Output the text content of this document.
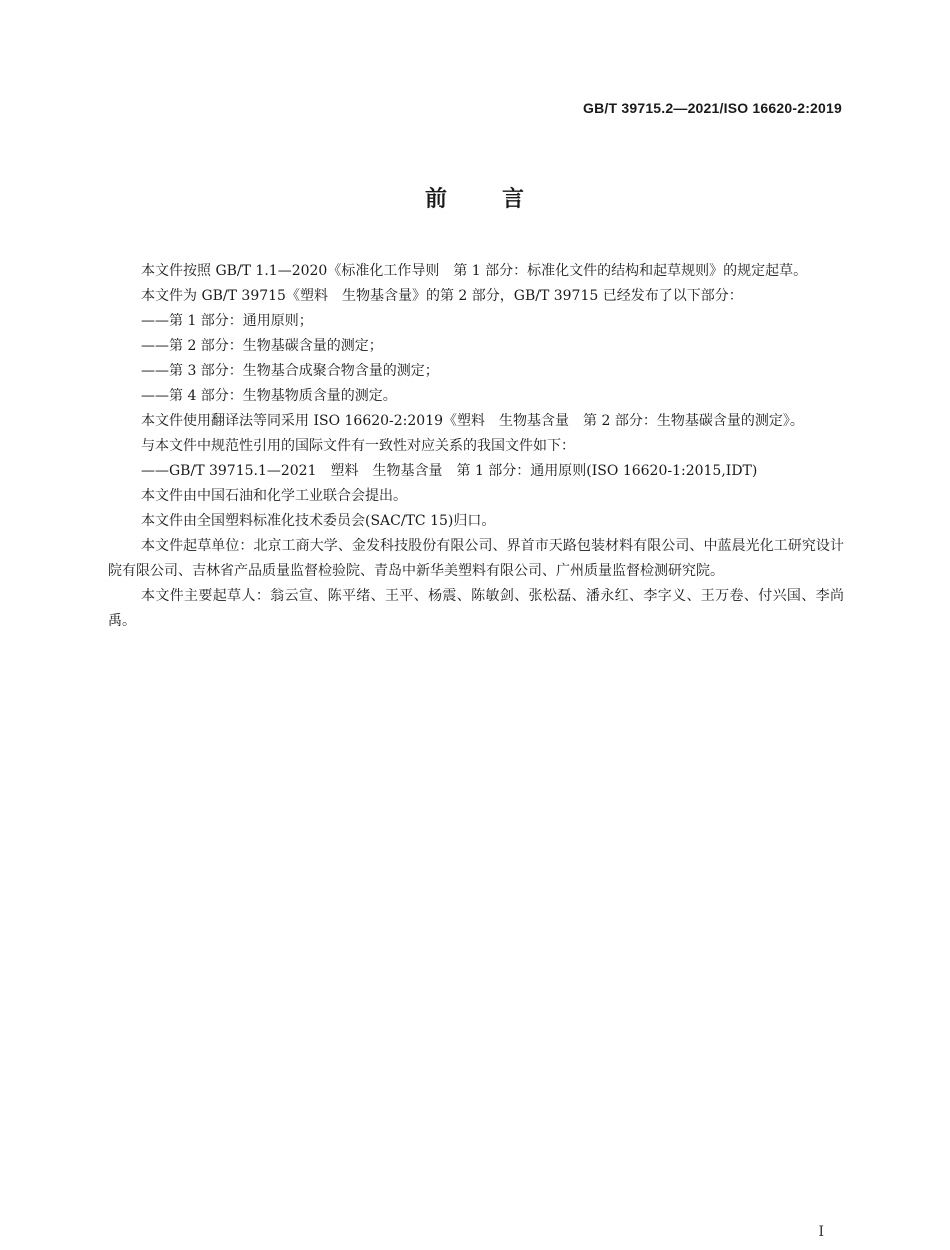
GB/T 39715.2—2021/ISO 16620-2:2019
前 言

本文件按照 GB/T 1.1—2020《标准化工作导则　第 1 部分：标准化文件的结构和起草规则》的规定起草。

本文件为 GB/T 39715《塑料　生物基含量》的第 2 部分，GB/T 39715 已经发布了以下部分：

——第 1 部分：通用原则；

——第 2 部分：生物基碳含量的测定；

——第 3 部分：生物基合成聚合物含量的测定；

——第 4 部分：生物基物质含量的测定。

本文件使用翻译法等同采用 ISO 16620-2:2019《塑料　生物基含量　第 2 部分：生物基碳含量的测定》。

与本文件中规范性引用的国际文件有一致性对应关系的我国文件如下：

——GB/T 39715.1—2021　塑料　生物基含量　第 1 部分：通用原则(ISO 16620-1:2015,IDT)

本文件由中国石油和化学工业联合会提出。

本文件由全国塑料标准化技术委员会(SAC/TC 15)归口。

本文件起草单位：北京工商大学、金发科技股份有限公司、界首市天路包装材料有限公司、中蓝晨光化工研究设计院有限公司、吉林省产品质量监督检验院、青岛中新华美塑料有限公司、广州质量监督检测研究院。

本文件主要起草人：翁云宣、陈平绪、王平、杨震、陈敏剑、张松磊、潘永红、李字义、王万卷、付兴国、李尚禹。

I
